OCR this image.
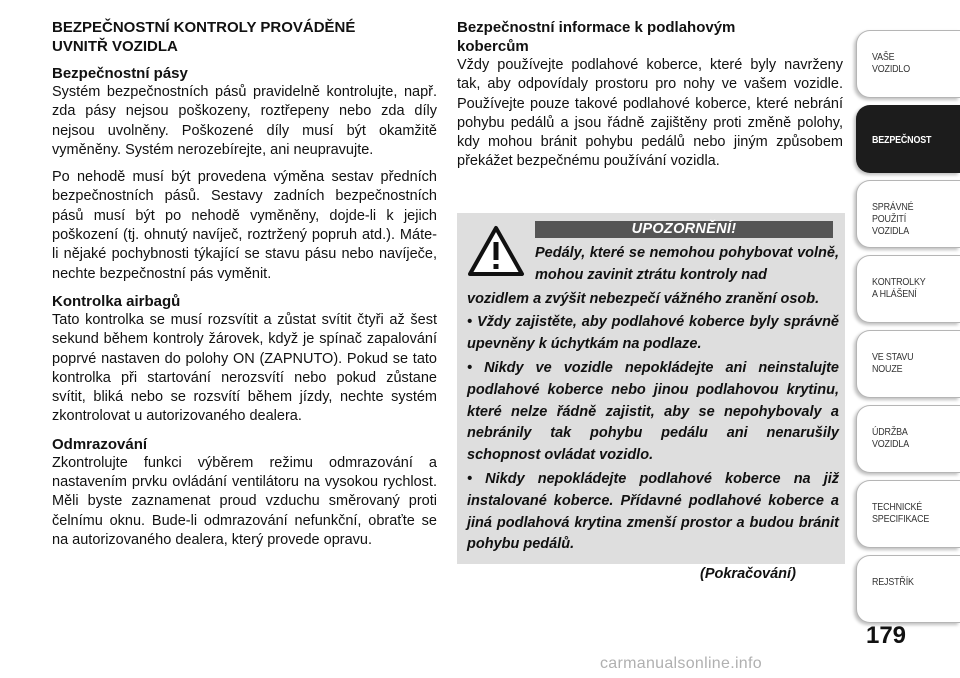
BEZPEČNOSTNÍ KONTROLY PROVÁDĚNÉ
UVNITŘ VOZIDLA
Bezpečnostní pásy

Systém bezpečnostních pásů pravidelně kontrolujte, např. zda pásy nejsou poškozeny, roztřepeny nebo zda díly nejsou uvolněny. Poškozené díly musí být okamžitě vyměněny. Systém nerozebírejte, ani neupravujte.

Po nehodě musí být provedena výměna sestav předních bezpečnostních pásů. Sestavy zadních bezpečnostních pásů musí být po nehodě vyměněny, dojde-li k jejich poškození (tj. ohnutý navíječ, roztržený popruh atd.). Máte-li nějaké pochybnosti týkající se stavu pásu nebo navíječe, nechte bezpečnostní pás vyměnit.

Kontrolka airbagů

Tato kontrolka se musí rozsvítit a zůstat svítit čtyři až šest sekund během kontroly žárovek, když je spínač zapalování poprvé nastaven do polohy ON (ZAPNUTO). Pokud se tato kontrolka při startování nerozsvítí nebo pokud zůstane svítit, bliká nebo se rozsvítí během jízdy, nechte systém zkontrolovat u autorizovaného dealera.

Odmrazování

Zkontrolujte funkci výběrem režimu odmrazování a nastavením prvku ovládání ventilátoru na vysokou rychlost. Měli byste zaznamenat proud vzduchu směrovaný proti čelnímu oknu. Bude-li odmrazování nefunkční, obraťte se na autorizovaného dealera, který provede opravu.

Bezpečnostní informace k podlahovým
kobercům

Vždy používejte podlahové koberce, které byly navrženy tak, aby odpovídaly prostoru pro nohy ve vašem vozidle. Používejte pouze takové podlahové koberce, které nebrání pohybu pedálů a jsou řádně zajištěny proti změně polohy, kdy mohou bránit pohybu pedálů nebo jiným způsobem překážet bezpečnému používání vozidla.

UPOZORNĚNÍ!
Pedály, které se nemohou pohybovat volně, mohou zavinit ztrátu kontroly nad
vozidlem a zvýšit nebezpečí vážného zranění osob.
• Vždy zajistěte, aby podlahové koberce byly správně upevněny k úchytkám na podlaze.
• Nikdy ve vozidle nepokládejte ani neinstalujte podlahové koberce nebo jinou podlahovou krytinu, které nelze řádně zajistit, aby se nepohybovaly a nebránily tak pohybu pedálu ani nenarušily schopnost ovládat vozidlo.
• Nikdy nepokládejte podlahové koberce na již instalované koberce. Přídavné podlahové koberce a jiná podlahová krytina zmenší prostor a budou bránit pohybu pedálů.
(Pokračování)
VAŠE
VOZIDLO
BEZPEČNOST
SPRÁVNÉ
POUŽITÍ
VOZIDLA
KONTROLKY
A HLÁŠENÍ
VE STAVU
NOUZE
ÚDRŽBA
VOZIDLA
TECHNICKÉ
SPECIFIKACE
REJSTŘÍK
179
carmanualsonline.info
